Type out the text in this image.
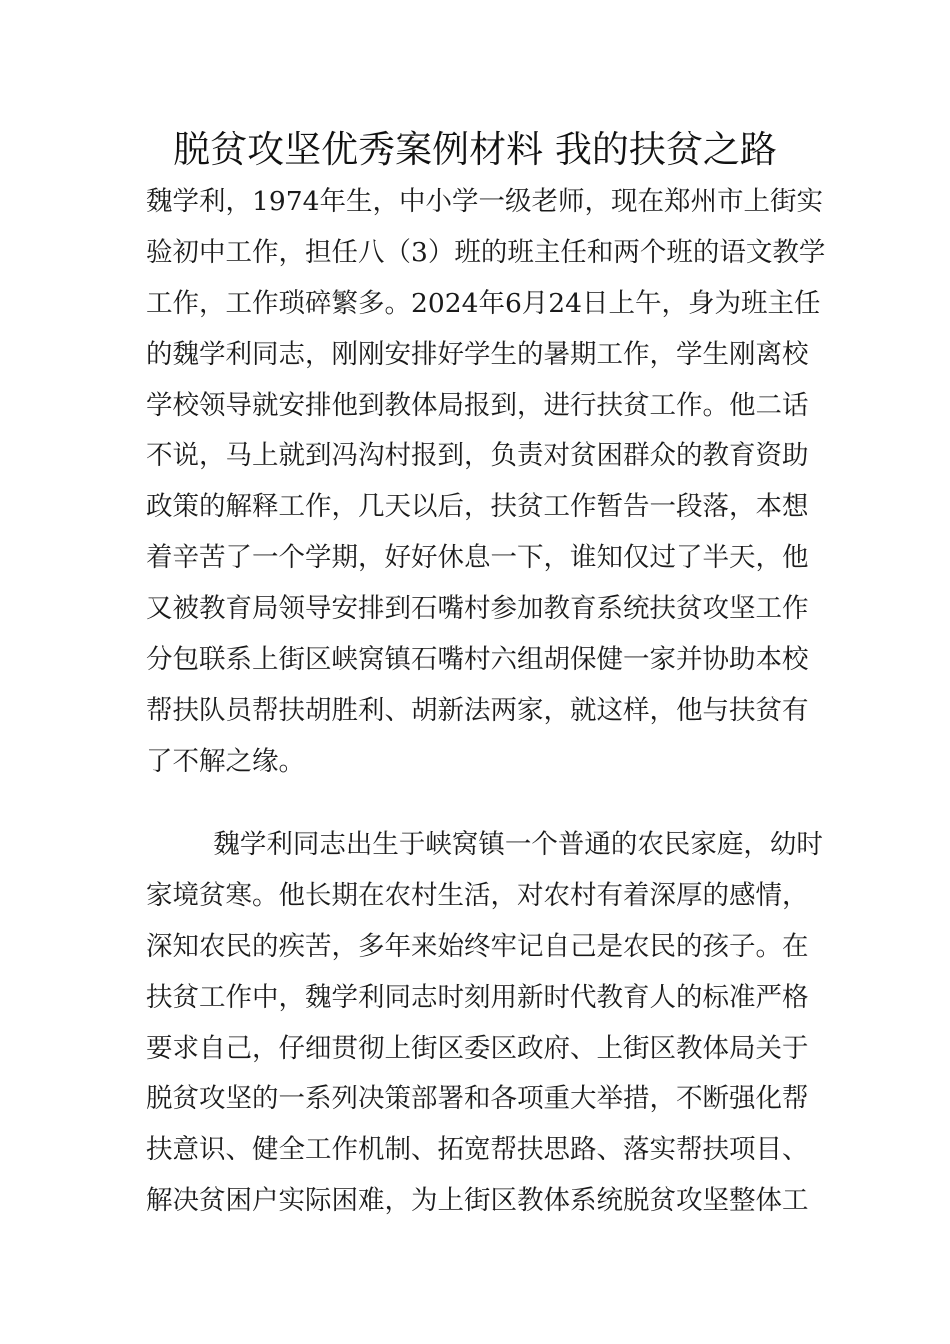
脱贫攻坚优秀案例材料 我的扶贫之路
魏学利，1974年生，中小学一级老师，现在郑州市上街实
验初中工作，担任八（3）班的班主任和两个班的语文教学
工作，工作琐碎繁多。2024年6月24日上午，身为班主任
的魏学利同志，刚刚安排好学生的暑期工作，学生刚离校
学校领导就安排他到教体局报到，进行扶贫工作。他二话
不说，马上就到冯沟村报到，负责对贫困群众的教育资助
政策的解释工作，几天以后，扶贫工作暂告一段落，本想
着辛苦了一个学期，好好休息一下，谁知仅过了半天，他
又被教育局领导安排到石嘴村参加教育系统扶贫攻坚工作
分包联系上街区峡窝镇石嘴村六组胡保健一家并协助本校
帮扶队员帮扶胡胜利、胡新法两家，就这样，他与扶贫有
了不解之缘。
魏学利同志出生于峡窝镇一个普通的农民家庭，幼时
家境贫寒。他长期在农村生活，对农村有着深厚的感情，
深知农民的疾苦，多年来始终牢记自己是农民的孩子。在
扶贫工作中，魏学利同志时刻用新时代教育人的标准严格
要求自己，仔细贯彻上街区委区政府、上街区教体局关于
脱贫攻坚的一系列决策部署和各项重大举措，不断强化帮
扶意识、健全工作机制、拓宽帮扶思路、落实帮扶项目、
解决贫困户实际困难，为上街区教体系统脱贫攻坚整体工
